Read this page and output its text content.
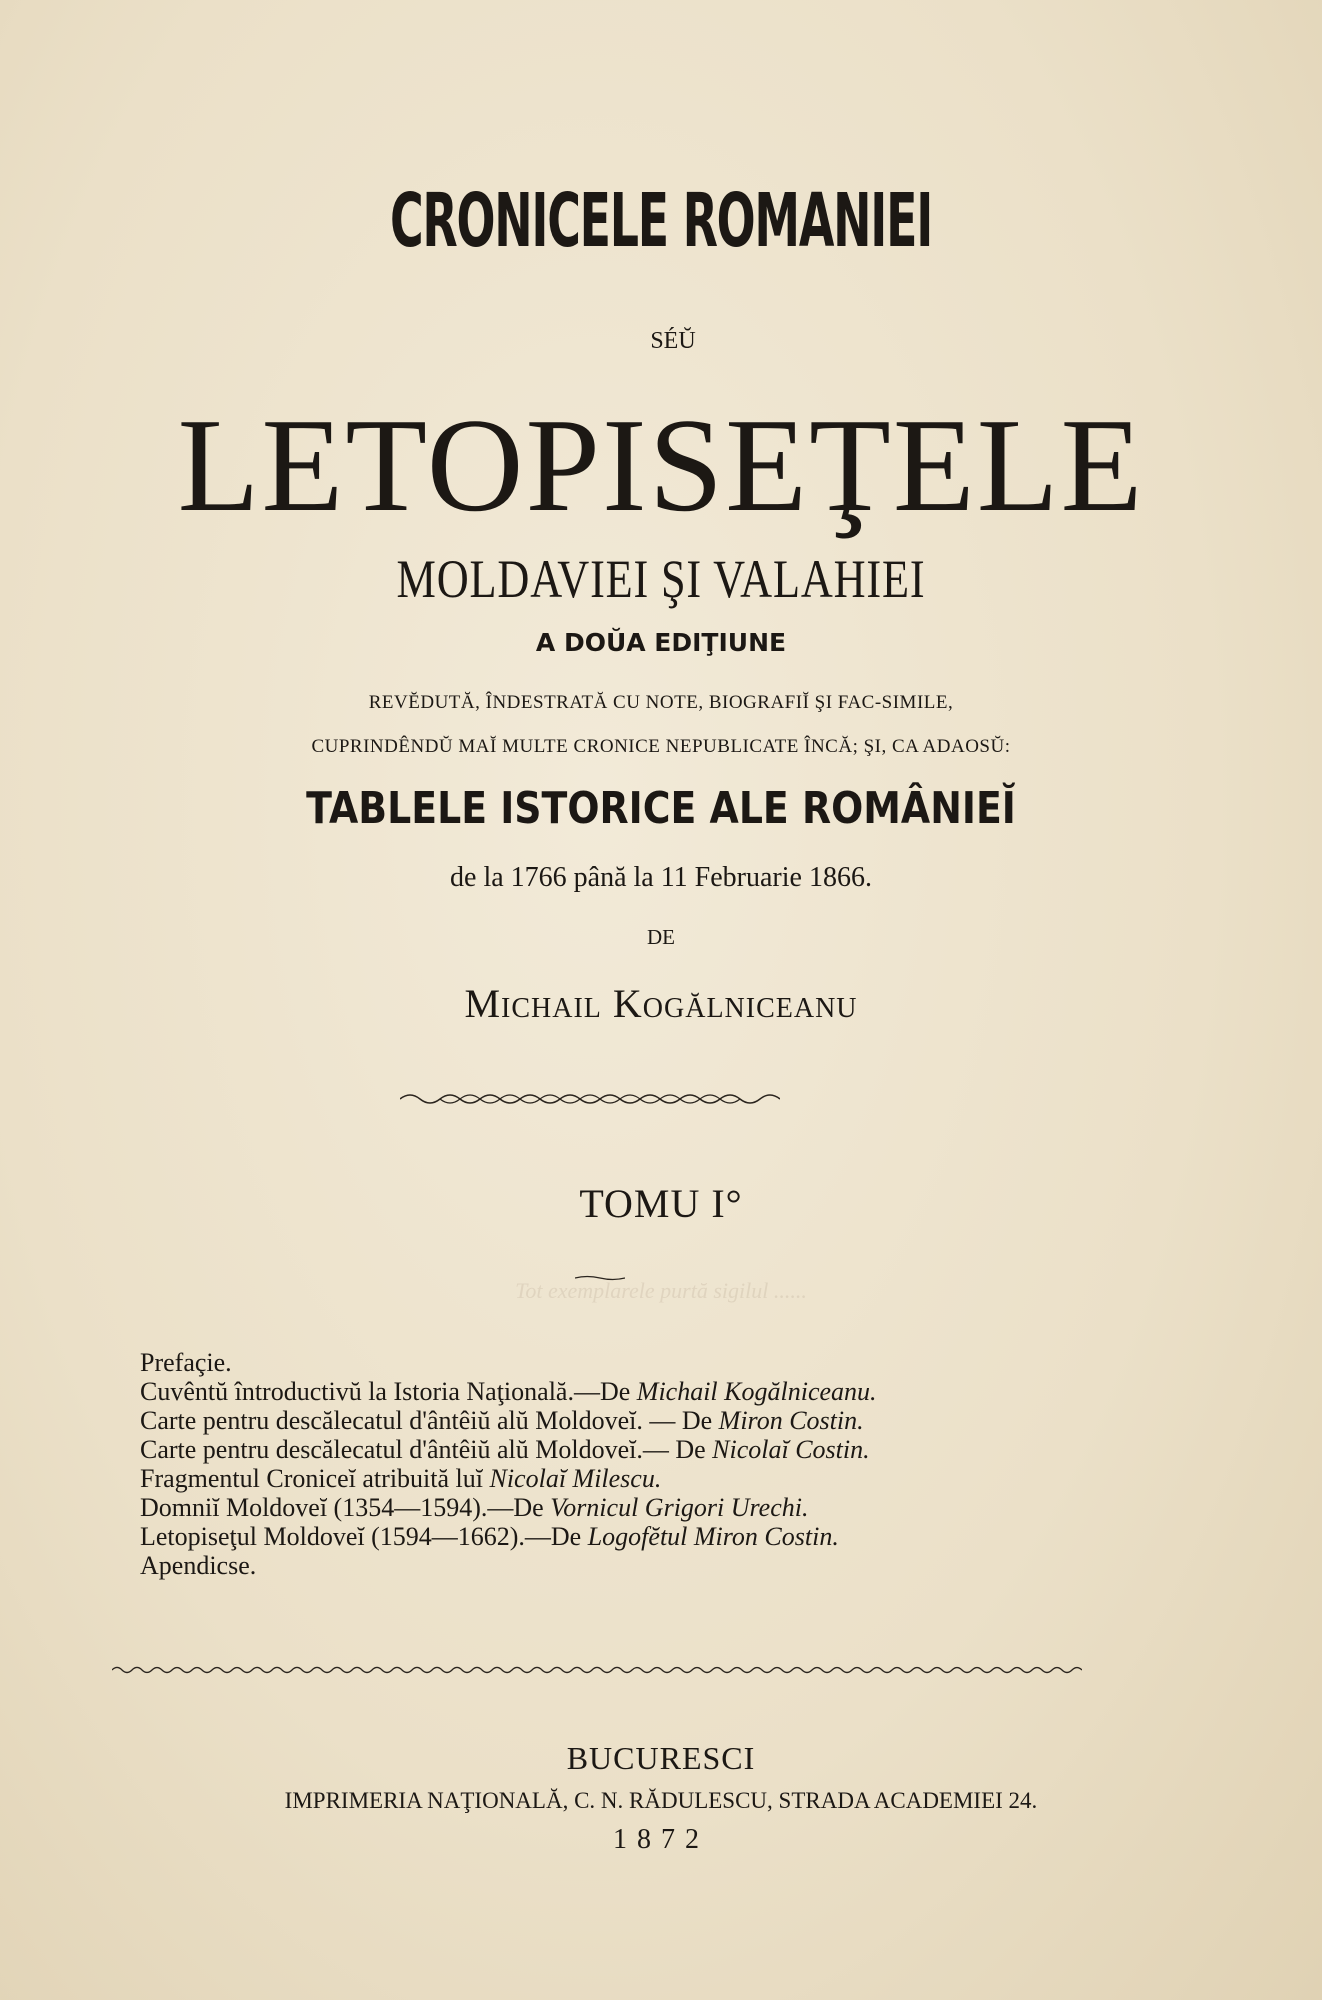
CRONICELE ROMANIEI
SÉŬ
LETOPISEŢELE
MOLDAVIEI ŞI VALAHIEI
A DOŬA EDIŢIUNE
REVĔDUTĂ, ÎNDESTRATĂ CU NOTE, BIOGRAFIĬ ŞI FAC-SIMILE,
CUPRINDÊNDŬ MAĬ MULTE CRONICE NEPUBLICATE ÎNCĂ; ŞI, CA ADAOSŬ:
TABLELE ISTORICE ALE ROMÂNIEĬ
de la 1766 până la 11 Februarie 1866.
DE
Michail Kogălniceanu
TOMU I°
Tot exemplarele purtă sigilul ......
Prefaçie.
Cuvêntŭ întroductivŭ la Istoria Naţională.—De Michail Kogălniceanu.
Carte pentru descălecatul d'ântêiŭ alŭ Moldoveĭ. — De Miron Costin.
Carte pentru descălecatul d'ântêiŭ alŭ Moldoveĭ.— De Nicolaĭ Costin.
Fragmentul Cronicеĭ atribuită luĭ Nicolaĭ Milescu.
Domniĭ Moldoveĭ (1354—1594).—De Vornicul Grigori Urechi.
Letopiseţul Moldoveĭ (1594—1662).—De Logofĕtul Miron Costin.
Apendicse.
BUCURESCI
IMPRIMERIA NAŢIONALĂ, C. N. RĂDULESCU, STRADA ACADEMIEI 24.
1872
